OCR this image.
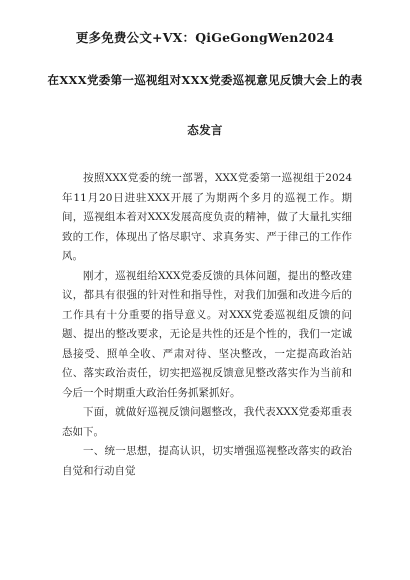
更多免费公文+VX：QiGeGongWen2024
在XXX党委第一巡视组对XXX党委巡视意见反馈大会上的表
态发言

按照XXX党委的统一部署，XXX党委第一巡视组于2024年11月20日进驻XXX开展了为期两个多月的巡视工作。期间，巡视组本着对XXX发展高度负责的精神，做了大量扎实细致的工作，体现出了恪尽职守、求真务实、严于律己的工作作风。

刚才，巡视组给XXX党委反馈的具体问题，提出的整改建议，都具有很强的针对性和指导性，对我们加强和改进今后的工作具有十分重要的指导意义。对XXX党委巡视组反馈的问题、提出的整改要求，无论是共性的还是个性的，我们一定诚恳接受、照单全收、严肃对待、坚决整改，一定提高政治站位、落实政治责任，切实把巡视反馈意见整改落实作为当前和今后一个时期重大政治任务抓紧抓好。

下面，就做好巡视反馈问题整改，我代表XXX党委郑重表态如下。

一、统一思想，提高认识，切实增强巡视整改落实的政治自觉和行动自觉
